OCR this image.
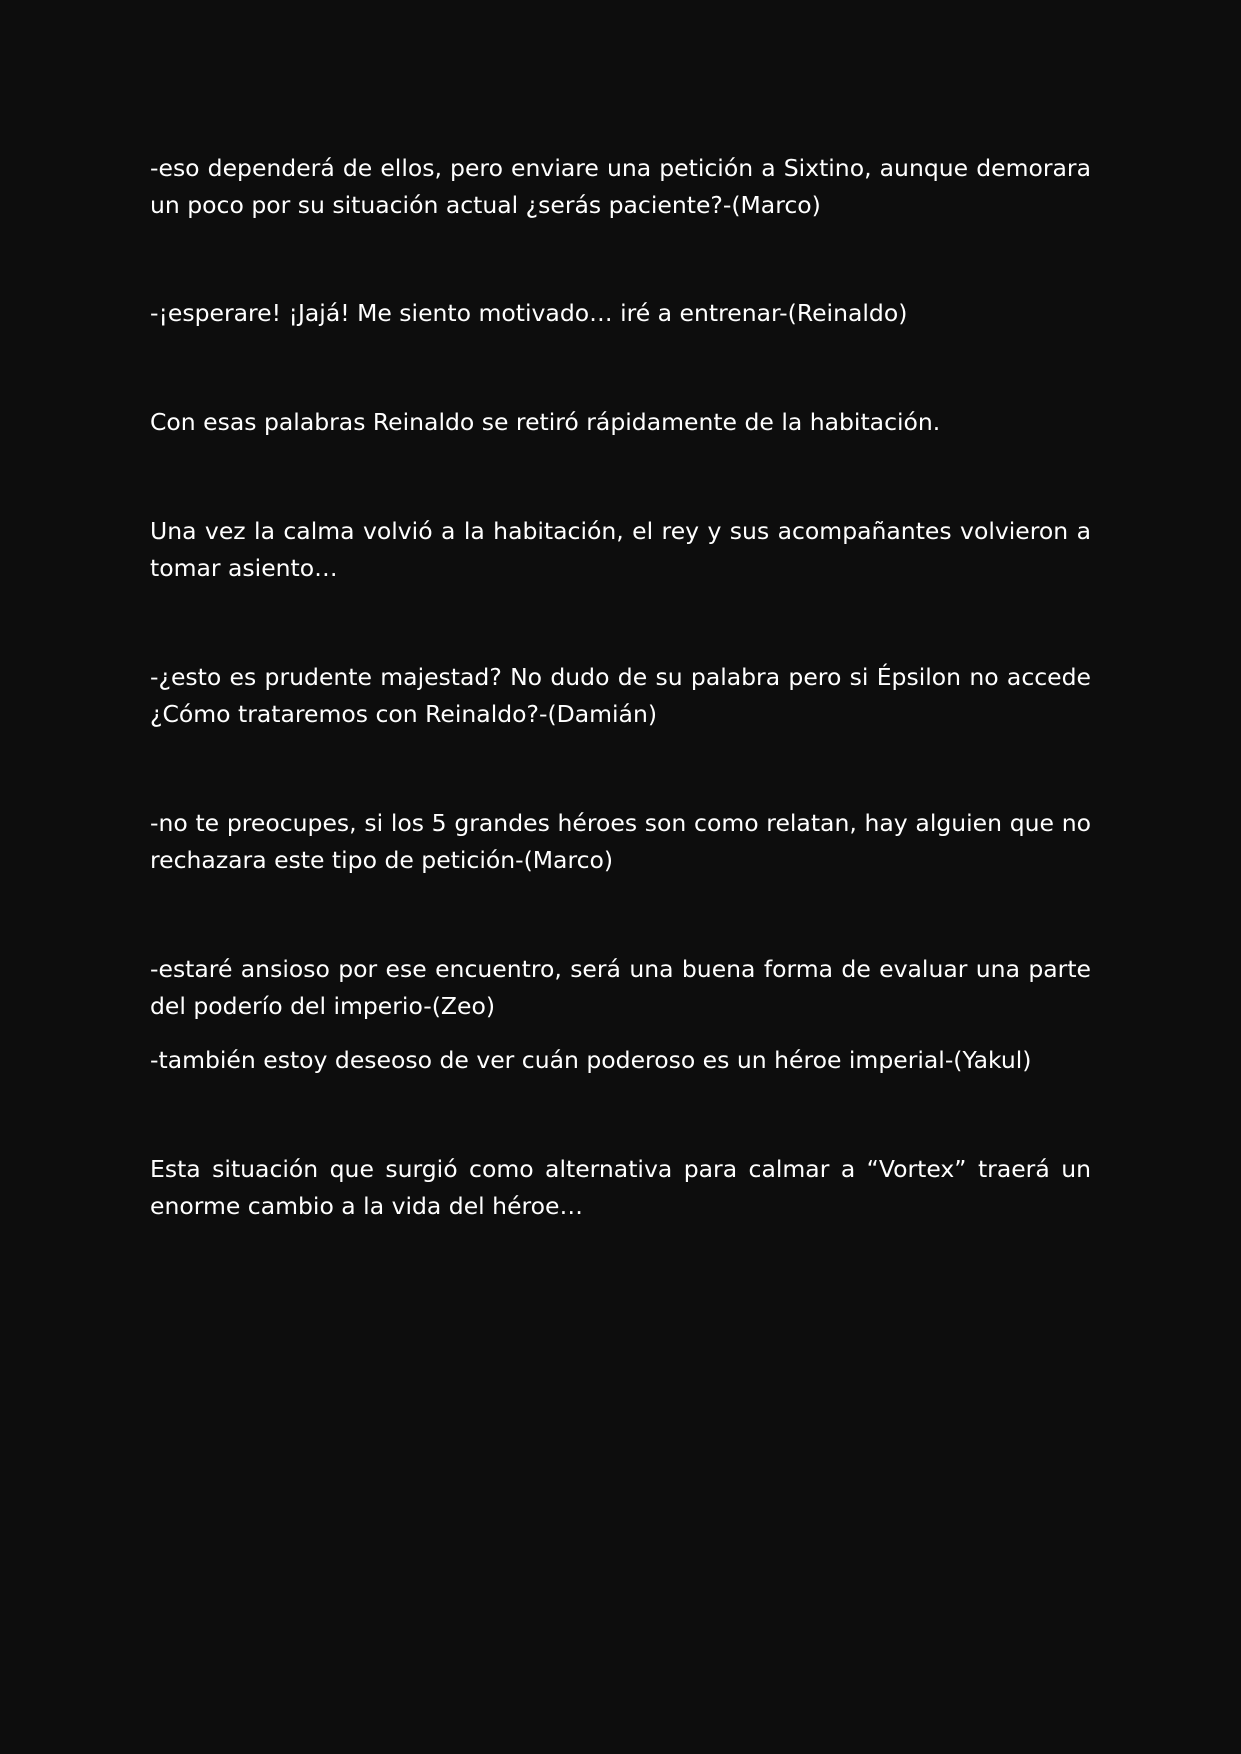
-eso dependerá de ellos, pero enviare una petición a Sixtino, aunque demorara un poco por su situación actual ¿serás paciente?-(Marco)

-¡esperare! ¡Jajá! Me siento motivado… iré a entrenar-(Reinaldo)

Con esas palabras Reinaldo se retiró rápidamente de la habitación.

Una vez la calma volvió a la habitación, el rey y sus acompañantes volvieron a tomar asiento…

-¿esto es prudente majestad? No dudo de su palabra pero si Épsilon no accede ¿Cómo trataremos con Reinaldo?-(Damián)

-no te preocupes, si los 5 grandes héroes son como relatan, hay alguien que no rechazara este tipo de petición-(Marco)

-estaré ansioso por ese encuentro, será una buena forma de evaluar una parte del poderío del imperio-(Zeo)

-también estoy deseoso de ver cuán poderoso es un héroe imperial-(Yakul)

Esta situación que surgió como alternativa para calmar a “Vortex” traerá un enorme cambio a la vida del héroe…
